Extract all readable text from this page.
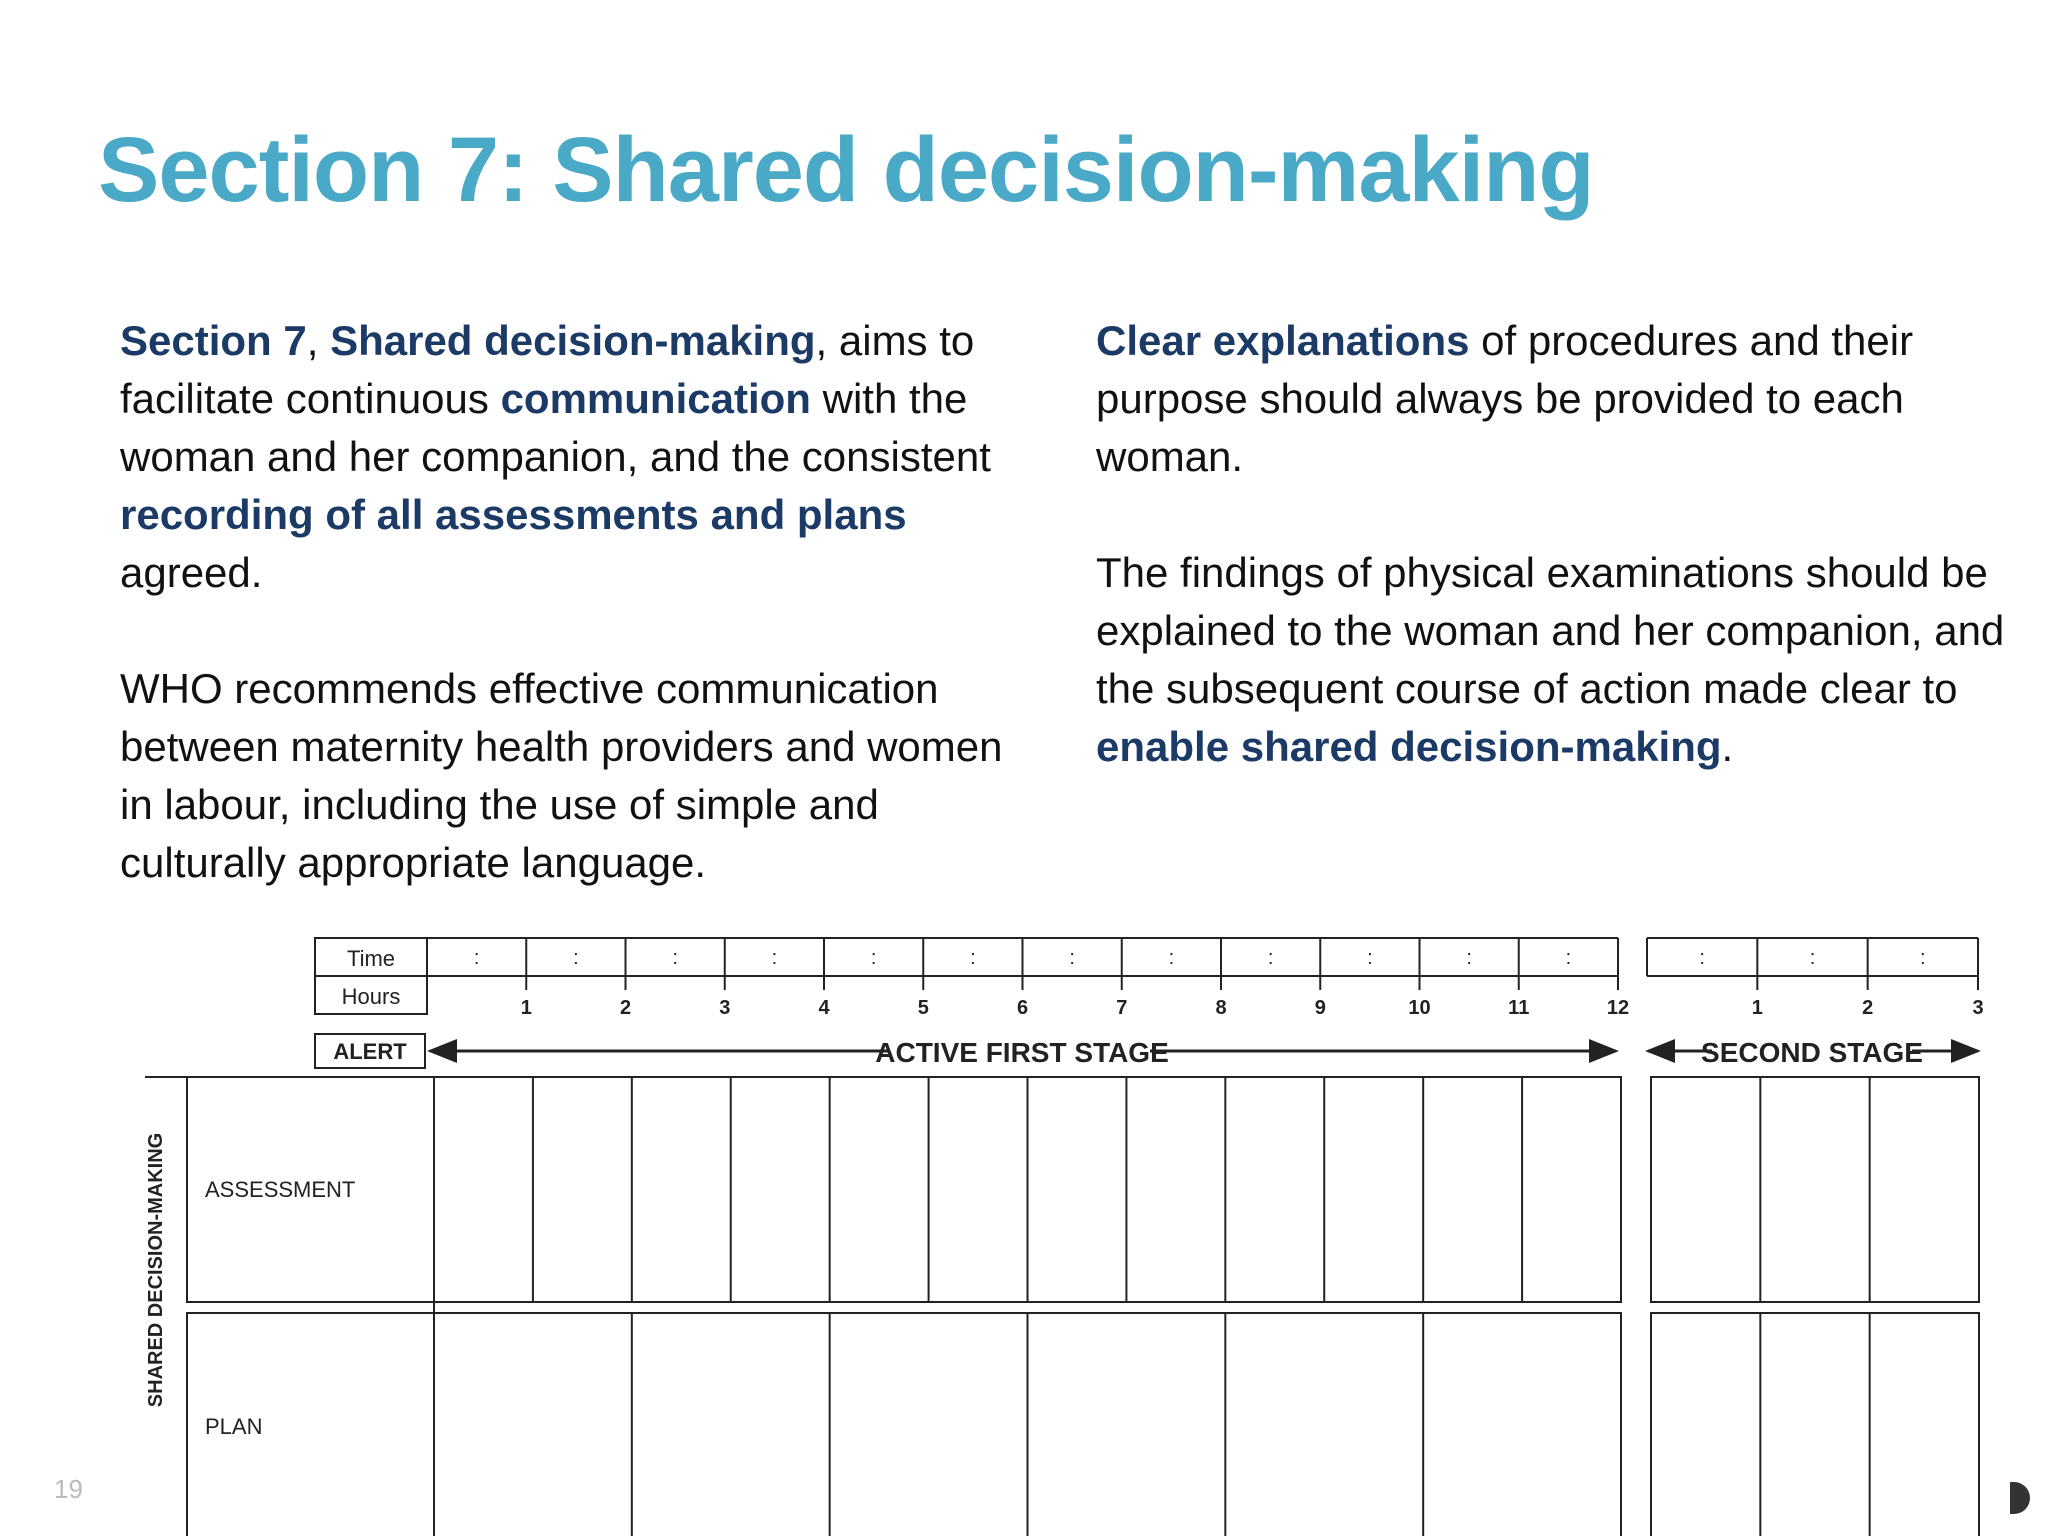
Section 7: Shared decision-making

Section 7, Shared decision-making, aims to facilitate continuous communication with the woman and her companion, and the consistent recording of all assessments and plans agreed.

WHO recommends effective communication between maternity health providers and women in labour, including the use of simple and culturally appropriate language.

Clear explanations of procedures and their purpose should always be provided to each woman.

The findings of physical examinations should be explained to the woman and her companion, and the subsequent course of action made clear to enable shared decision-making.

:
1
:
2
:
3
:
4
:
5
:
6
:
7
:
8
:
9
:
10
:
11
:
12
:
1
:
2
:
3
Time
Hours
ALERT	ACTIVE FIRST STAGE	SECOND STAGE
SHARED DECISION-MAKING ASSESSMENT
PLAN
19
